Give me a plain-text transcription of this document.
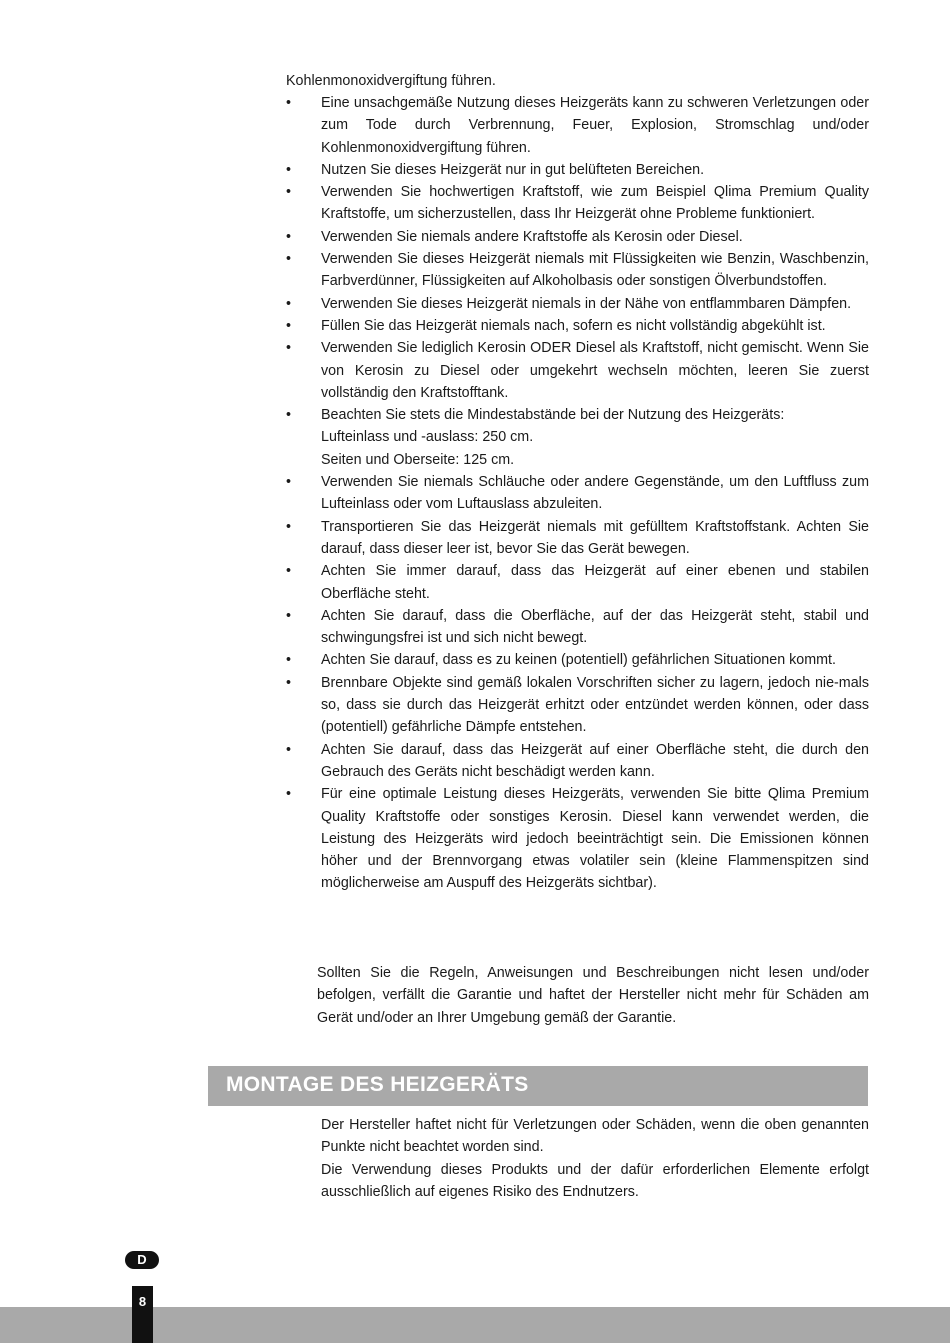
Kohlenmonoxidvergiftung führen.
• Eine unsachgemäße Nutzung dieses Heizgeräts kann zu schweren Verletzungen oder zum Tode durch Verbrennung, Feuer, Explosion, Stromschlag und/oder Kohlenmonoxidvergiftung führen.
• Nutzen Sie dieses Heizgerät nur in gut belüfteten Bereichen.
• Verwenden Sie hochwertigen Kraftstoff, wie zum Beispiel Qlima Premium Quality Kraftstoffe, um sicherzustellen, dass Ihr Heizgerät ohne Probleme funktioniert.
• Verwenden Sie niemals andere Kraftstoffe als Kerosin oder Diesel.
• Verwenden Sie dieses Heizgerät niemals mit Flüssigkeiten wie Benzin, Waschbenzin, Farbverdünner, Flüssigkeiten auf Alkoholbasis oder sonstigen Ölverbundstoffen.
• Verwenden Sie dieses Heizgerät niemals in der Nähe von entflammbaren Dämpfen.
• Füllen Sie das Heizgerät niemals nach, sofern es nicht vollständig abgekühlt ist.
• Verwenden Sie lediglich Kerosin ODER Diesel als Kraftstoff, nicht gemischt. Wenn Sie von Kerosin zu Diesel oder umgekehrt wechseln möchten, leeren Sie zuerst vollständig den Kraftstofftank.
• Beachten Sie stets die Mindestabstände bei der Nutzung des Heizgeräts:
Lufteinlass und -auslass: 250 cm.
Seiten und Oberseite: 125 cm.
• Verwenden Sie niemals Schläuche oder andere Gegenstände, um den Luftfluss zum Lufteinlass oder vom Luftauslass abzuleiten.
• Transportieren Sie das Heizgerät niemals mit gefülltem Kraftstoffstank. Achten Sie darauf, dass dieser leer ist, bevor Sie das Gerät bewegen.
• Achten Sie immer darauf, dass das Heizgerät auf einer ebenen und stabilen Oberfläche steht.
• Achten Sie darauf, dass die Oberfläche, auf der das Heizgerät steht, stabil und schwingungsfrei ist und sich nicht bewegt.
• Achten Sie darauf, dass es zu keinen (potentiell) gefährlichen Situationen kommt.
• Brennbare Objekte sind gemäß lokalen Vorschriften sicher zu lagern, jedoch nie-mals so, dass sie durch das Heizgerät erhitzt oder entzündet werden können, oder dass (potentiell) gefährliche Dämpfe entstehen.
• Achten Sie darauf, dass das Heizgerät auf einer Oberfläche steht, die durch den Gebrauch des Geräts nicht beschädigt werden kann.
• Für eine optimale Leistung dieses Heizgeräts, verwenden Sie bitte Qlima Premium Quality Kraftstoffe oder sonstiges Kerosin. Diesel kann verwendet werden, die Leistung des Heizgeräts wird jedoch beeinträchtigt sein. Die Emissionen können höher und der Brennvorgang etwas volatiler sein (kleine Flammenspitzen sind möglicherweise am Auspuff des Heizgeräts sichtbar).
Sollten Sie die Regeln, Anweisungen und Beschreibungen nicht lesen und/oder befolgen, verfällt die Garantie und haftet der Hersteller nicht mehr für Schäden am Gerät und/oder an Ihrer Umgebung gemäß der Garantie.
MONTAGE DES HEIZGERÄTS
Der Hersteller haftet nicht für Verletzungen oder Schäden, wenn die oben genannten Punkte nicht beachtet worden sind.
Die Verwendung dieses Produkts und der dafür erforderlichen Elemente erfolgt ausschließlich auf eigenes Risiko des Endnutzers.
D
8
